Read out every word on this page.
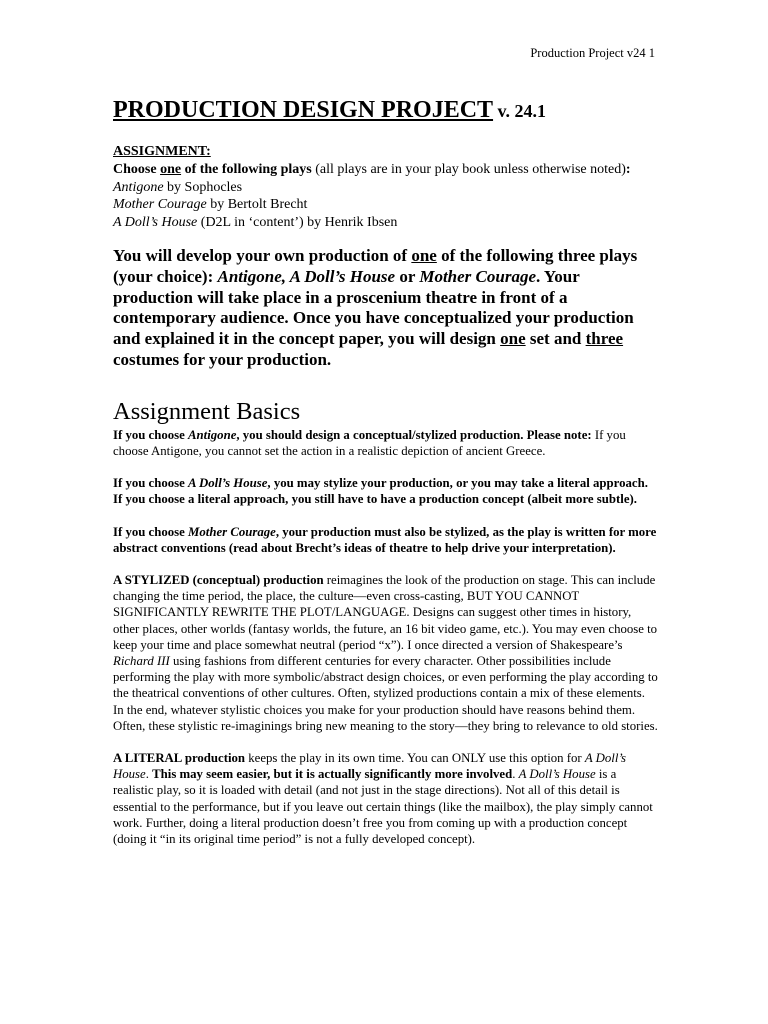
Production Project v24 1
PRODUCTION DESIGN PROJECT v. 24.1

ASSIGNMENT:

Choose one of the following plays (all plays are in your play book unless otherwise noted):

Antigone by Sophocles

Mother Courage by Bertolt Brecht

A Doll’s House (D2L in ‘content’) by Henrik Ibsen

You will develop your own production of one of the following three plays (your choice): Antigone, A Doll’s House or Mother Courage. Your production will take place in a proscenium theatre in front of a contemporary audience. Once you have conceptualized your production and explained it in the concept paper, you will design one set and three costumes for your production.

Assignment Basics

If you choose Antigone, you should design a conceptual/stylized production. Please note: If you choose Antigone, you cannot set the action in a realistic depiction of ancient Greece.

If you choose A Doll’s House, you may stylize your production, or you may take a literal approach. If you choose a literal approach, you still have to have a production concept (albeit more subtle).

If you choose Mother Courage, your production must also be stylized, as the play is written for more abstract conventions (read about Brecht’s ideas of theatre to help drive your interpretation).

A STYLIZED (conceptual) production reimagines the look of the production on stage. This can include changing the time period, the place, the culture—even cross-casting, BUT YOU CANNOT SIGNIFICANTLY REWRITE THE PLOT/LANGUAGE. Designs can suggest other times in history, other places, other worlds (fantasy worlds, the future, an 16 bit video game, etc.). You may even choose to keep your time and place somewhat neutral (period “x”). I once directed a version of Shakespeare’s Richard III using fashions from different centuries for every character. Other possibilities include performing the play with more symbolic/abstract design choices, or even performing the play according to the theatrical conventions of other cultures. Often, stylized productions contain a mix of these elements. In the end, whatever stylistic choices you make for your production should have reasons behind them. Often, these stylistic re-imaginings bring new meaning to the story—they bring to relevance to old stories.

A LITERAL production keeps the play in its own time. You can ONLY use this option for A Doll’s House. This may seem easier, but it is actually significantly more involved. A Doll’s House is a realistic play, so it is loaded with detail (and not just in the stage directions). Not all of this detail is essential to the performance, but if you leave out certain things (like the mailbox), the play simply cannot work. Further, doing a literal production doesn’t free you from coming up with a production concept (doing it “in its original time period” is not a fully developed concept).
